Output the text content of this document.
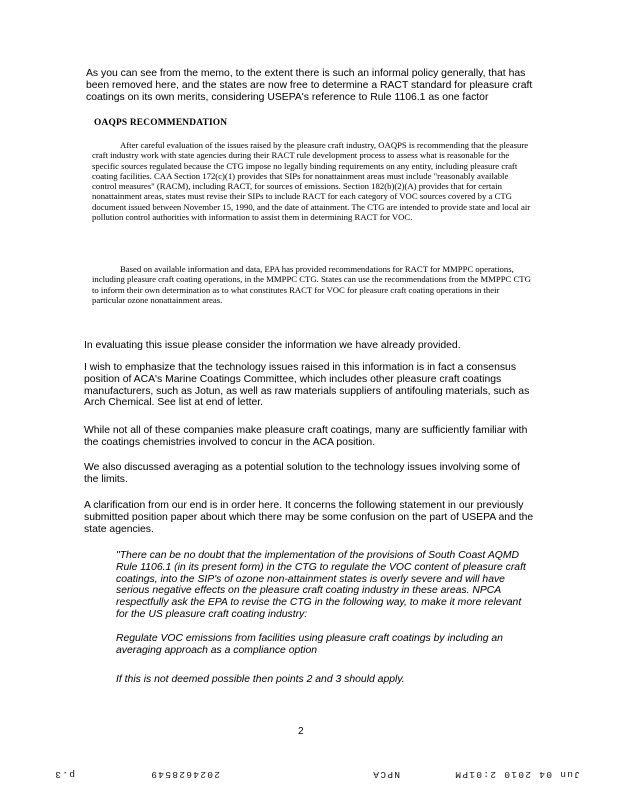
As you can see from the memo, to the extent there is such an informal policy generally, that has been removed here, and the states are now free to determine a RACT standard for pleasure craft coatings on its own merits, considering USEPA's reference to Rule 1106.1 as one factor

OAQPS RECOMMENDATION

After careful evaluation of the issues raised by the pleasure craft industry, OAQPS is recommending that the pleasure craft industry work with state agencies during their RACT rule development process to assess what is reasonable for the specific sources regulated because the CTG impose no legally binding requirements on any entity, including pleasure craft coating facilities. CAA Section 172(c)(1) provides that SIPs for nonattainment areas must include "reasonably available control measures" (RACM), including RACT, for sources of emissions. Section 182(b)(2)(A) provides that for certain nonattainment areas, states must revise their SIPs to include RACT for each category of VOC sources covered by a CTG document issued between November 15, 1990, and the date of attainment. The CTG are intended to provide state and local air pollution control authorities with information to assist them in determining RACT for VOC.

Based on available information and data, EPA has provided recommendations for RACT for MMPPC operations, including pleasure craft coating operations, in the MMPPC CTG. States can use the recommendations from the MMPPC CTG to inform their own determination as to what constitutes RACT for VOC for pleasure craft coating operations in their particular ozone nonattainment areas.

In evaluating this issue please consider the information we have already provided.

I wish to emphasize that the technology issues raised in this information is in fact a consensus position of ACA's Marine Coatings Committee, which includes other pleasure craft coatings manufacturers, such as Jotun, as well as raw materials suppliers of antifouling materials, such as Arch Chemical. See list at end of letter.

While not all of these companies make pleasure craft coatings, many are sufficiently familiar with the coatings chemistries involved to concur in the ACA position.

We also discussed averaging as a potential solution to the technology issues involving some of the limits.

A clarification from our end is in order here. It concerns the following statement in our previously submitted position paper about which there may be some confusion on the part of USEPA and the state agencies.

"There can be no doubt that the implementation of the provisions of South Coast AQMD Rule 1106.1 (in its present form) in the CTG to regulate the VOC content of pleasure craft coatings, into the SIP's of ozone non-attainment states is overly severe and will have serious negative effects on the pleasure craft coating industry in these areas. NPCA respectfully ask the EPA to revise the CTG in the following way, to make it more relevant for the US pleasure craft coating industry:

Regulate VOC emissions from facilities using pleasure craft coatings by including an averaging approach as a compliance option

If this is not deemed possible then points 2 and 3 should apply.

2
Jun 04 2010 2:01PM
NPCA
2024628549
p.3
